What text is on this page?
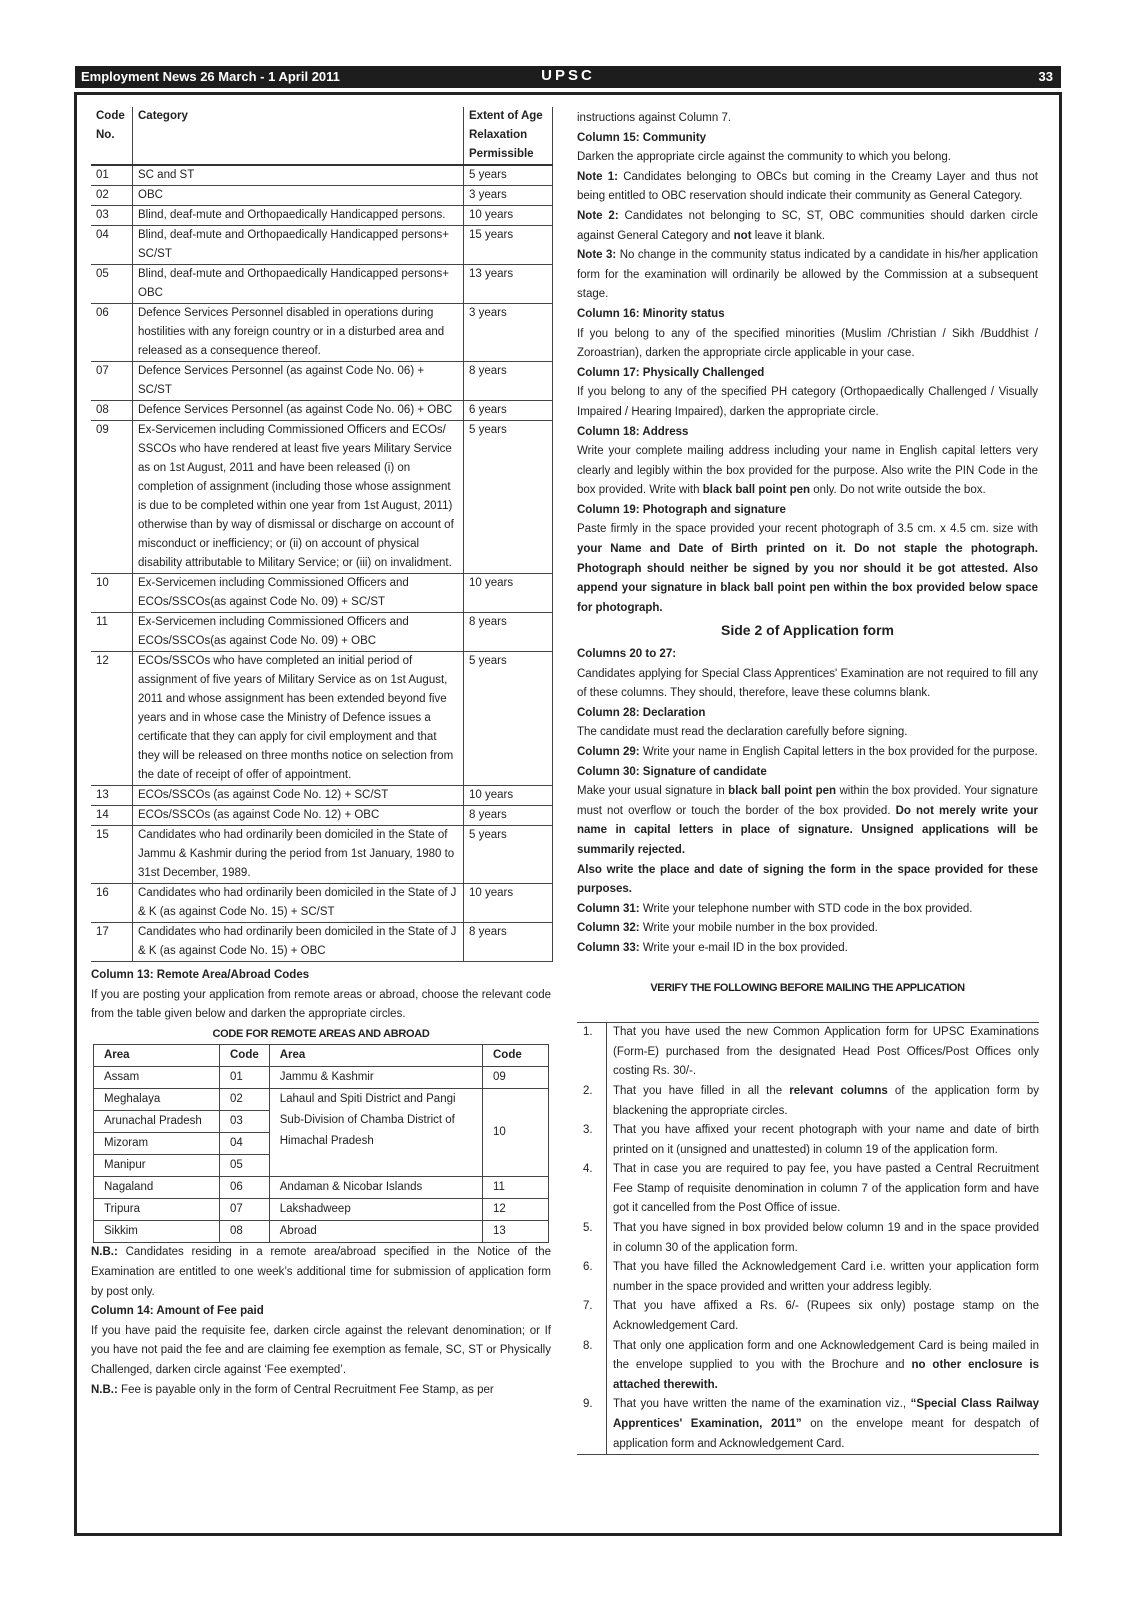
Employment News 26 March - 1 April 2011	UPSC	33
Code No.	Category	Extent of Age Relaxation Permissible
01	SC and ST	5 years
02	OBC	3 years
03	Blind, deaf-mute and Orthopaedically Handicapped persons.	10 years
04	Blind, deaf-mute and Orthopaedically Handicapped persons+ SC/ST	15 years
05	Blind, deaf-mute and Orthopaedically Handicapped persons+ OBC	13 years
06	Defence Services Personnel disabled in operations during hostilities with any foreign country or in a disturbed area and released as a consequence thereof.	3 years
07	Defence Services Personnel (as against Code No. 06) + SC/ST	8 years
08	Defence Services Personnel (as against Code No. 06) + OBC	6 years
09	Ex-Servicemen including Commissioned Officers and ECOs/ SSCOs who have rendered at least five years Military Service as on 1st August, 2011 and have been released (i) on completion of assignment (including those whose assignment is due to be completed within one year from 1st August, 2011) otherwise than by way of dismissal or discharge on account of misconduct or inefficiency; or (ii) on account of physical disability attributable to Military Service; or (iii) on invalidment.	5 years
10	Ex-Servicemen including Commissioned Officers and ECOs/SSCOs(as against Code No. 09) + SC/ST	10 years
11	Ex-Servicemen including Commissioned Officers and ECOs/SSCOs(as against Code No. 09) + OBC	8 years
12	ECOs/SSCOs who have completed an initial period of assignment of five years of Military Service as on 1st August, 2011 and whose assignment has been extended beyond five years and in whose case the Ministry of Defence issues a certificate that they can apply for civil employment and that they will be released on three months notice on selection from the date of receipt of offer of appointment.	5 years
13	ECOs/SSCOs (as against Code No. 12) + SC/ST	10 years
14	ECOs/SSCOs (as against Code No. 12) + OBC	8 years
15	Candidates who had ordinarily been domiciled in the State of Jammu & Kashmir during the period from 1st January, 1980 to 31st December, 1989.	5 years
16	Candidates who had ordinarily been domiciled in the State of J & K (as against Code No. 15) + SC/ST	10 years
17	Candidates who had ordinarily been domiciled in the State of J & K (as against Code No. 15) + OBC	8 years
Column 13: Remote Area/Abroad Codes
If you are posting your application from remote areas or abroad, choose the relevant code from the table given below and darken the appropriate circles.
CODE FOR REMOTE AREAS AND ABROAD
Area	Code	Area	Code
Assam	01	Jammu & Kashmir	09
Meghalaya	02	Lahaul and Spiti District and Pangi Sub-Division of Chamba District of Himachal Pradesh	10
Arunachal Pradesh	03		
Mizoram	04		
Manipur	05		
Nagaland	06	Andaman & Nicobar Islands	11
Tripura	07	Lakshadweep	12
Sikkim	08	Abroad	13
N.B.: Candidates residing in a remote area/abroad specified in the Notice of the Examination are entitled to one week’s additional time for submission of application form by post only.
Column 14: Amount of Fee paid
If you have paid the requisite fee, darken circle against the relevant denomination; or If you have not paid the fee and are claiming fee exemption as female, SC, ST or Physically Challenged, darken circle against ‘Fee exempted’.
N.B.: Fee is payable only in the form of Central Recruitment Fee Stamp, as per
instructions against Column 7.
Column 15: Community
Darken the appropriate circle against the community to which you belong.
Note 1: Candidates belonging to OBCs but coming in the Creamy Layer and thus not being entitled to OBC reservation should indicate their community as General Category.
Note 2: Candidates not belonging to SC, ST, OBC communities should darken circle against General Category and not leave it blank.
Note 3: No change in the community status indicated by a candidate in his/her application form for the examination will ordinarily be allowed by the Commission at a subsequent stage.
Column 16: Minority status
If you belong to any of the specified minorities (Muslim /Christian / Sikh /Buddhist / Zoroastrian), darken the appropriate circle applicable in your case.
Column 17: Physically Challenged
If you belong to any of the specified PH category (Orthopaedically Challenged / Visually Impaired / Hearing Impaired), darken the appropriate circle.
Column 18: Address
Write your complete mailing address including your name in English capital letters very clearly and legibly within the box provided for the purpose. Also write the PIN Code in the box provided. Write with black ball point pen only. Do not write outside the box.
Column 19: Photograph and signature
Paste firmly in the space provided your recent photograph of 3.5 cm. x 4.5 cm. size with your Name and Date of Birth printed on it. Do not staple the photograph. Photograph should neither be signed by you nor should it be got attested. Also append your signature in black ball point pen within the box provided below space for photograph.
Side 2 of Application form
Columns 20 to 27:
Candidates applying for Special Class Apprentices' Examination are not required to fill any of these columns. They should, therefore, leave these columns blank.
Column 28: Declaration
The candidate must read the declaration carefully before signing.
Column 29: Write your name in English Capital letters in the box provided for the purpose.
Column 30: Signature of candidate
Make your usual signature in black ball point pen within the box provided. Your signature must not overflow or touch the border of the box provided. Do not merely write your name in capital letters in place of signature. Unsigned applications will be summarily rejected.
Also write the place and date of signing the form in the space provided for these purposes.
Column 31: Write your telephone number with STD code in the box provided.
Column 32: Write your mobile number in the box provided.
Column 33: Write your e-mail ID in the box provided.
VERIFY THE FOLLOWING BEFORE MAILING THE APPLICATION
1.	That you have used the new Common Application form for UPSC Examinations (Form-E) purchased from the designated Head Post Offices/Post Offices only costing Rs. 30/-.
2.	That you have filled in all the relevant columns of the application form by blackening the appropriate circles.
3.	That you have affixed your recent photograph with your name and date of birth printed on it (unsigned and unattested) in column 19 of the application form.
4.	That in case you are required to pay fee, you have pasted a Central Recruitment Fee Stamp of requisite denomination in column 7 of the application form and have got it cancelled from the Post Office of issue.
5.	That you have signed in box provided below column 19 and in the space provided in column 30 of the application form.
6.	That you have filled the Acknowledgement Card i.e. written your application form number in the space provided and written your address legibly.
7.	That you have affixed a Rs. 6/- (Rupees six only) postage stamp on the Acknowledgement Card.
8.	That only one application form and one Acknowledgement Card is being mailed in the envelope supplied to you with the Brochure and no other enclosure is attached therewith.
9.	That you have written the name of the examination viz., “Special Class Railway Apprentices' Examination, 2011” on the envelope meant for despatch of application form and Acknowledgement Card.
